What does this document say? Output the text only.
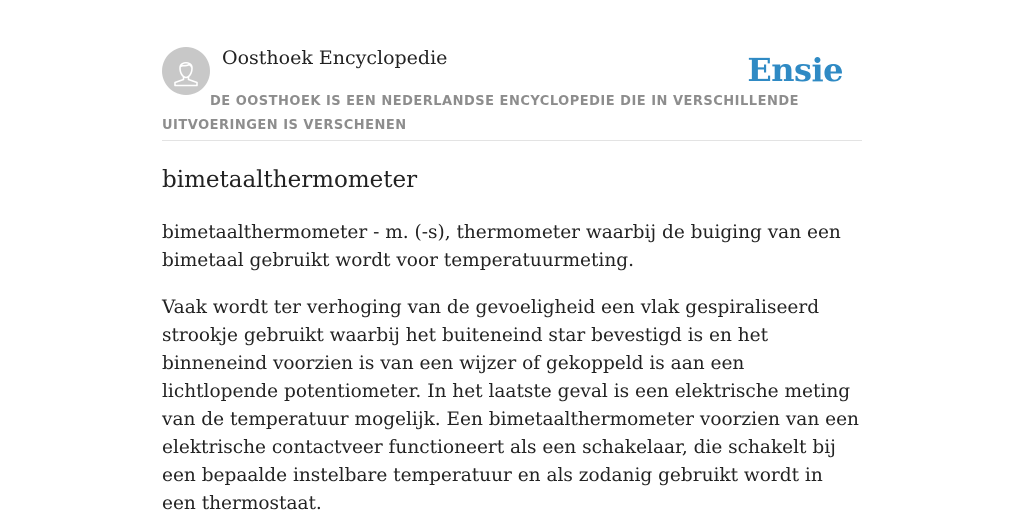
Oosthoek Encyclopedie	Ensie
DE OOSTHOEK IS EEN NEDERLANDSE ENCYCLOPEDIE DIE IN VERSCHILLENDE UITVOERINGEN IS VERSCHENEN
bimetaalthermometer

bimetaalthermometer - m. (-s), thermometer waarbij de buiging van een bimetaal gebruikt wordt voor temperatuurmeting.

Vaak wordt ter verhoging van de gevoeligheid een vlak gespiraliseerd strookje gebruikt waarbij het buiteneind star bevestigd is en het binneneind voorzien is van een wijzer of gekoppeld is aan een lichtlopende potentiometer. In het laatste geval is een elektrische meting van de temperatuur mogelijk. Een bimetaalthermometer voorzien van een elektrische contactveer functioneert als een schakelaar, die schakelt bij een bepaalde instelbare temperatuur en als zodanig gebruikt wordt in een thermostaat.
